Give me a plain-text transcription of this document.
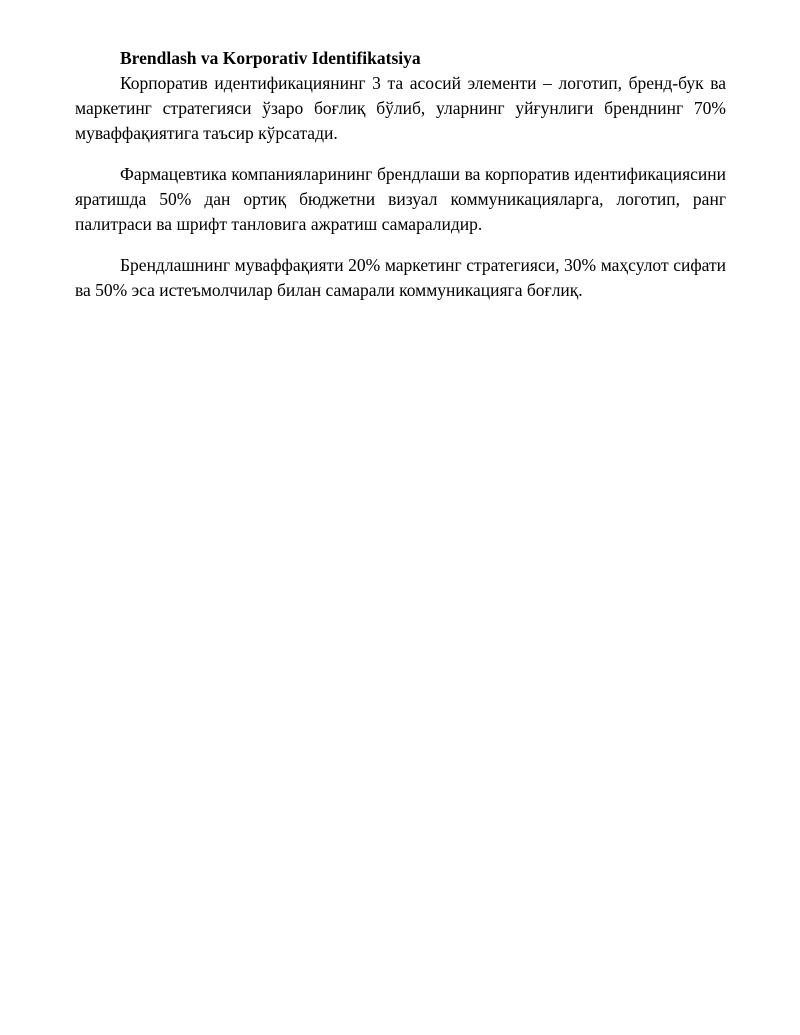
Brendlash va Korporativ Identifikatsiya

Корпоратив идентификациянинг 3 та асосий элементи – логотип, бренд-бук ва маркетинг стратегияси ўзаро боғлиқ бўлиб, уларнинг уйғунлиги бренднинг 70% муваффақиятига таъсир кўрсатади.

Фармацевтика компанияларининг брендлаши ва корпоратив идентификациясини яратишда 50% дан ортиқ бюджетни визуал коммуникацияларга, логотип, ранг палитраси ва шрифт танловига ажратиш самаралидир.

Брендлашнинг муваффақияти 20% маркетинг стратегияси, 30% маҳсулот сифати ва 50% эса истеъмолчилар билан самарали коммуникацияга боғлиқ.
